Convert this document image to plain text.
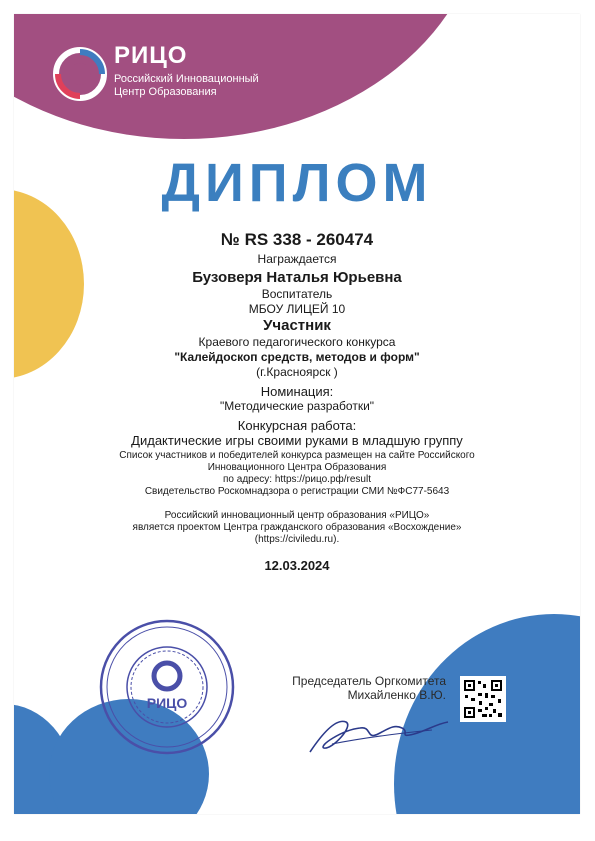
РИЦО
Российский Инновационный
Центр Образования
ДИПЛОМ
№ RS 338 - 260474
Награждается
Бузоверя Наталья Юрьевна
Воспитатель
МБОУ ЛИЦЕЙ 10
Участник
Краевого педагогического конкурса
"Калейдоскоп средств, методов и форм"
(г.Красноярск )
Номинация:
"Методические разработки"
Конкурсная работа:
Дидактические игры своими руками в младшую группу
Список участников и победителей конкурса размещен на сайте Российского
Инновационного Центра Образования
по адресу: https://рицо.рф/result
Свидетельство Роскомнадзора о регистрации СМИ №ФС77-5643
Российский инновационный центр образования «РИЦО»
является проектом Центра гражданского образования «Восхождение»
(https://civiledu.ru).
12.03.2024
РИЦО
Председатель Оргкомитета
Михайленко В.Ю.
